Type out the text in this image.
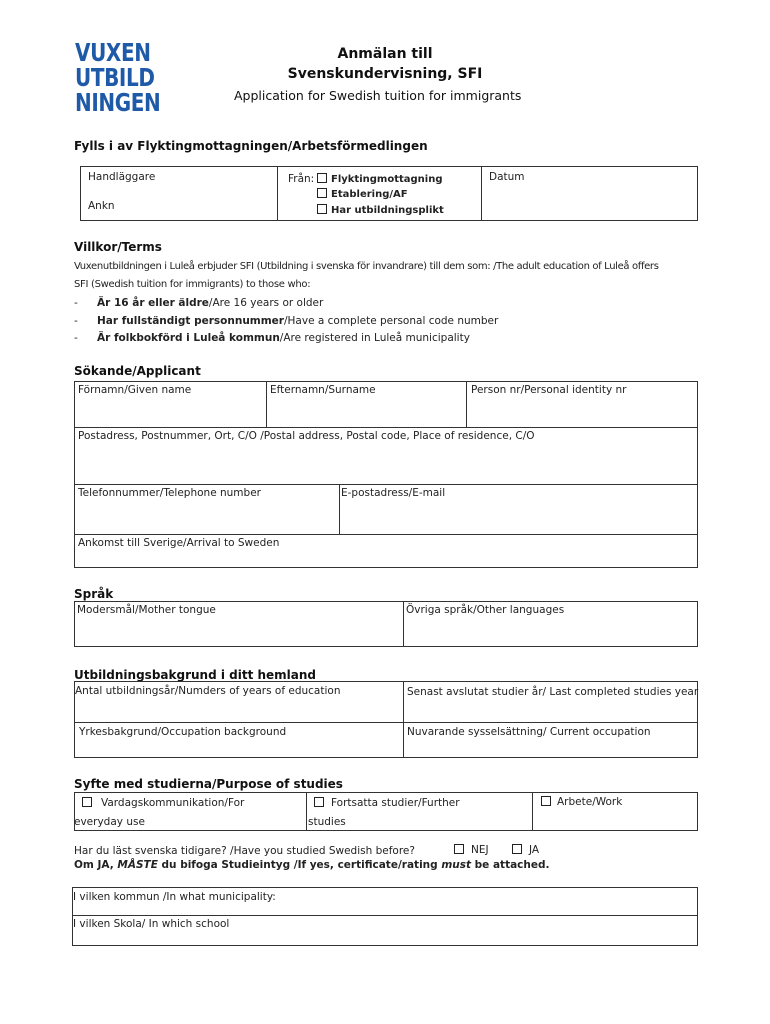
VUXEN
UTBILD
NINGEN
Anmälan till
Svenskundervisning, SFI
Application for Swedish tuition for immigrants
Fylls i av Flyktingmottagningen/Arbetsförmedlingen
Handläggare
Ankn
Från:	Flyktingmottagning
Etablering/AF
Har utbildningsplikt
Datum
Villkor/Terms
Vuxenutbildningen i Luleå erbjuder SFI (Utbildning i svenska för invandrare) till dem som: /The adult education of Luleå offers
SFI (Swedish tuition for immigrants) to those who:
- Är 16 år eller äldre/Are 16 years or older
- Har fullständigt personnummer/Have a complete personal code number
- Är folkbokförd i Luleå kommun/Are registered in Luleå municipality
Sökande/Applicant
Förnamn/Given name	Efternamn/Surname	Person nr/Personal identity nr
Postadress, Postnummer, Ort, C/O /Postal address, Postal code, Place of residence, C/O
Telefonnummer/Telephone number	E-postadress/E-mail
Ankomst till Sverige/Arrival to Sweden
Språk
Modersmål/Mother tongue	Övriga språk/Other languages
Utbildningsbakgrund i ditt hemland
Antal utbildningsår/Numders of years of education	Senast avslutat studier år/ Last completed studies year
Yrkesbakgrund/Occupation background	Nuvarande sysselsättning/ Current occupation
Syfte med studierna/Purpose of studies
Vardagskommunikation/For
everyday use
Fortsatta studier/Further
studies
Arbete/Work
Har du läst svenska tidigare? /Have you studied Swedish before?	NEJ	JA
Om JA, MÅSTE du bifoga Studieintyg /If yes, certificate/rating must be attached.
I vilken kommun /In what municipality:
I vilken Skola/ In which school
